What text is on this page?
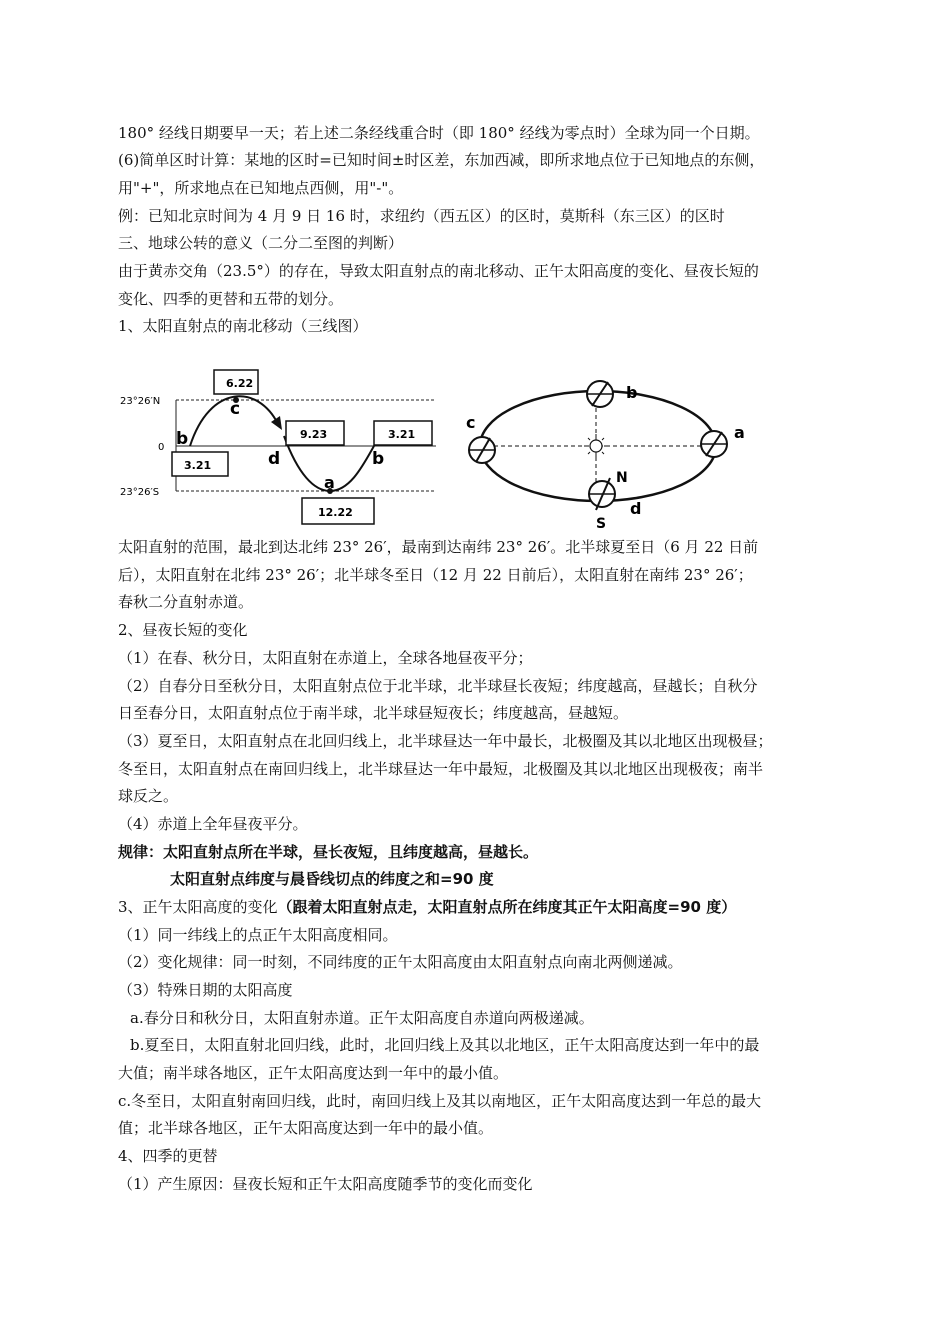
180° 经线日期要早一天；若上述二条经线重合时（即 180° 经线为零点时）全球为同一个日期。
(6)简单区时计算：某地的区时=已知时间±时区差，东加西减，即所求地点位于已知地点的东侧，
用"+"，所求地点在已知地点西侧，用"-"。
例：已知北京时间为 4 月 9 日 16 时，求纽约（西五区）的区时，莫斯科（东三区）的区时
三、地球公转的意义（二分二至图的判断）
由于黄赤交角（23.5°）的存在，导致太阳直射点的南北移动、正午太阳高度的变化、昼夜长短的
变化、四季的更替和五带的划分。
1、太阳直射点的南北移动（三线图）
23°26′N
0
23°26′S
6.22
3.21
9.23	3.21
12.22
b
c
d
a
b
b
c
a
d
N
S
太阳直射的范围，最北到达北纬 23° 26′，最南到达南纬 23° 26′。北半球夏至日（6 月 22 日前
后），太阳直射在北纬 23° 26′；北半球冬至日（12 月 22 日前后），太阳直射在南纬 23° 26′；
春秋二分直射赤道。
2、昼夜长短的变化
（1）在春、秋分日，太阳直射在赤道上，全球各地昼夜平分；
（2）自春分日至秋分日，太阳直射点位于北半球，北半球昼长夜短；纬度越高，昼越长；自秋分
日至春分日，太阳直射点位于南半球，北半球昼短夜长；纬度越高，昼越短。
（3）夏至日，太阳直射点在北回归线上，北半球昼达一年中最长，北极圈及其以北地区出现极昼；
冬至日，太阳直射点在南回归线上，北半球昼达一年中最短，北极圈及其以北地区出现极夜；南半
球反之。
（4）赤道上全年昼夜平分。
规律：太阳直射点所在半球，昼长夜短，且纬度越高，昼越长。
太阳直射点纬度与晨昏线切点的纬度之和=90 度
3、正午太阳高度的变化（跟着太阳直射点走，太阳直射点所在纬度其正午太阳高度=90 度）
（1）同一纬线上的点正午太阳高度相同。
（2）变化规律：同一时刻，不同纬度的正午太阳高度由太阳直射点向南北两侧递减。
（3）特殊日期的太阳高度
a.春分日和秋分日，太阳直射赤道。正午太阳高度自赤道向两极递减。
b.夏至日，太阳直射北回归线，此时，北回归线上及其以北地区，正午太阳高度达到一年中的最
大值；南半球各地区，正午太阳高度达到一年中的最小值。
c.冬至日，太阳直射南回归线，此时，南回归线上及其以南地区，正午太阳高度达到一年总的最大
值；北半球各地区，正午太阳高度达到一年中的最小值。
4、四季的更替
（1）产生原因：昼夜长短和正午太阳高度随季节的变化而变化
